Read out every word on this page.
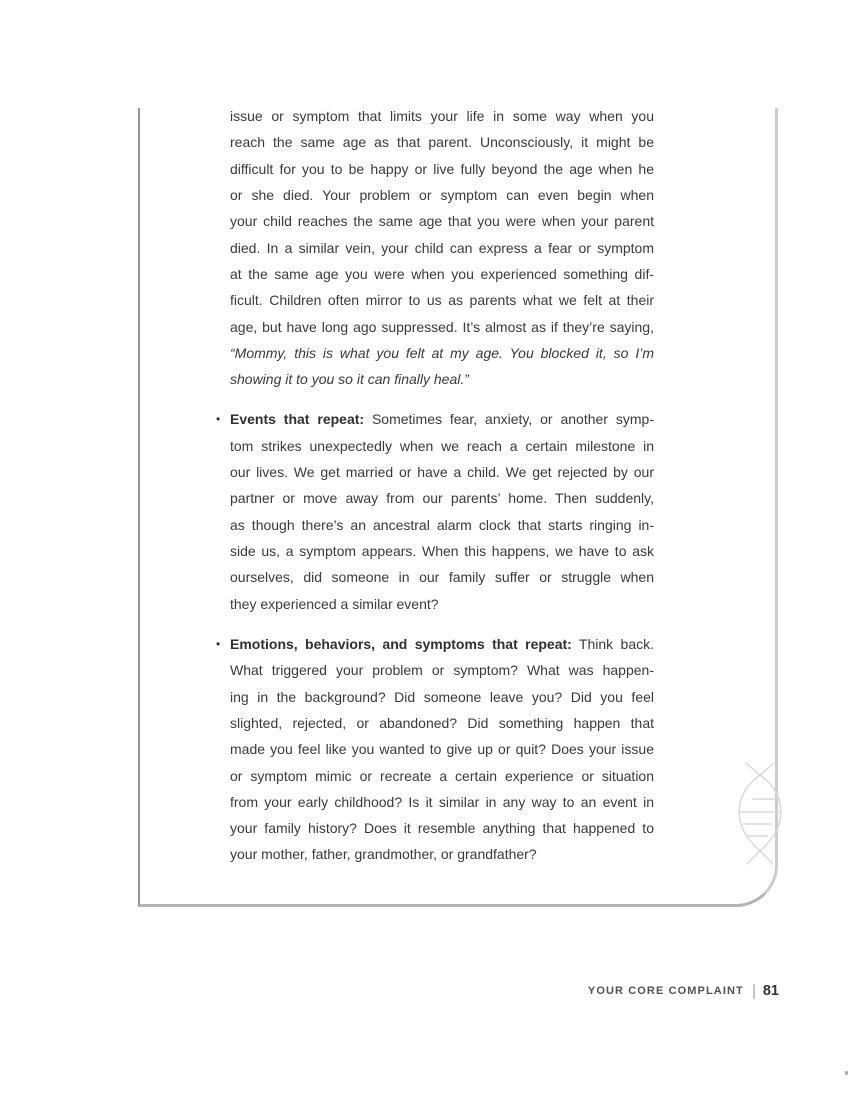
issue or symptom that limits your life in some way when you
reach the same age as that parent. Unconsciously, it might be
difficult for you to be happy or live fully beyond the age when he
or she died. Your problem or symptom can even begin when
your child reaches the same age that you were when your parent
died. In a similar vein, your child can express a fear or symptom
at the same age you were when you experienced something dif-
ficult. Children often mirror to us as parents what we felt at their
age, but have long ago suppressed. It’s almost as if they’re saying,
“Mommy, this is what you felt at my age. You blocked it, so I’m
showing it to you so it can finally heal.”
• Events that repeat: Sometimes fear, anxiety, or another symp-
tom strikes unexpectedly when we reach a certain milestone in
our lives. We get married or have a child. We get rejected by our
partner or move away from our parents’ home. Then suddenly,
as though there’s an ancestral alarm clock that starts ringing in-
side us, a symptom appears. When this happens, we have to ask
ourselves, did someone in our family suffer or struggle when
they experienced a similar event?
• Emotions, behaviors, and symptoms that repeat: Think back.
What triggered your problem or symptom? What was happen-
ing in the background? Did someone leave you? Did you feel
slighted, rejected, or abandoned? Did something happen that
made you feel like you wanted to give up or quit? Does your issue
or symptom mimic or recreate a certain experience or situation
from your early childhood? Is it similar in any way to an event in
your family history? Does it resemble anything that happened to
your mother, father, grandmother, or grandfather?
YOUR CORE COMPLAINT 81
